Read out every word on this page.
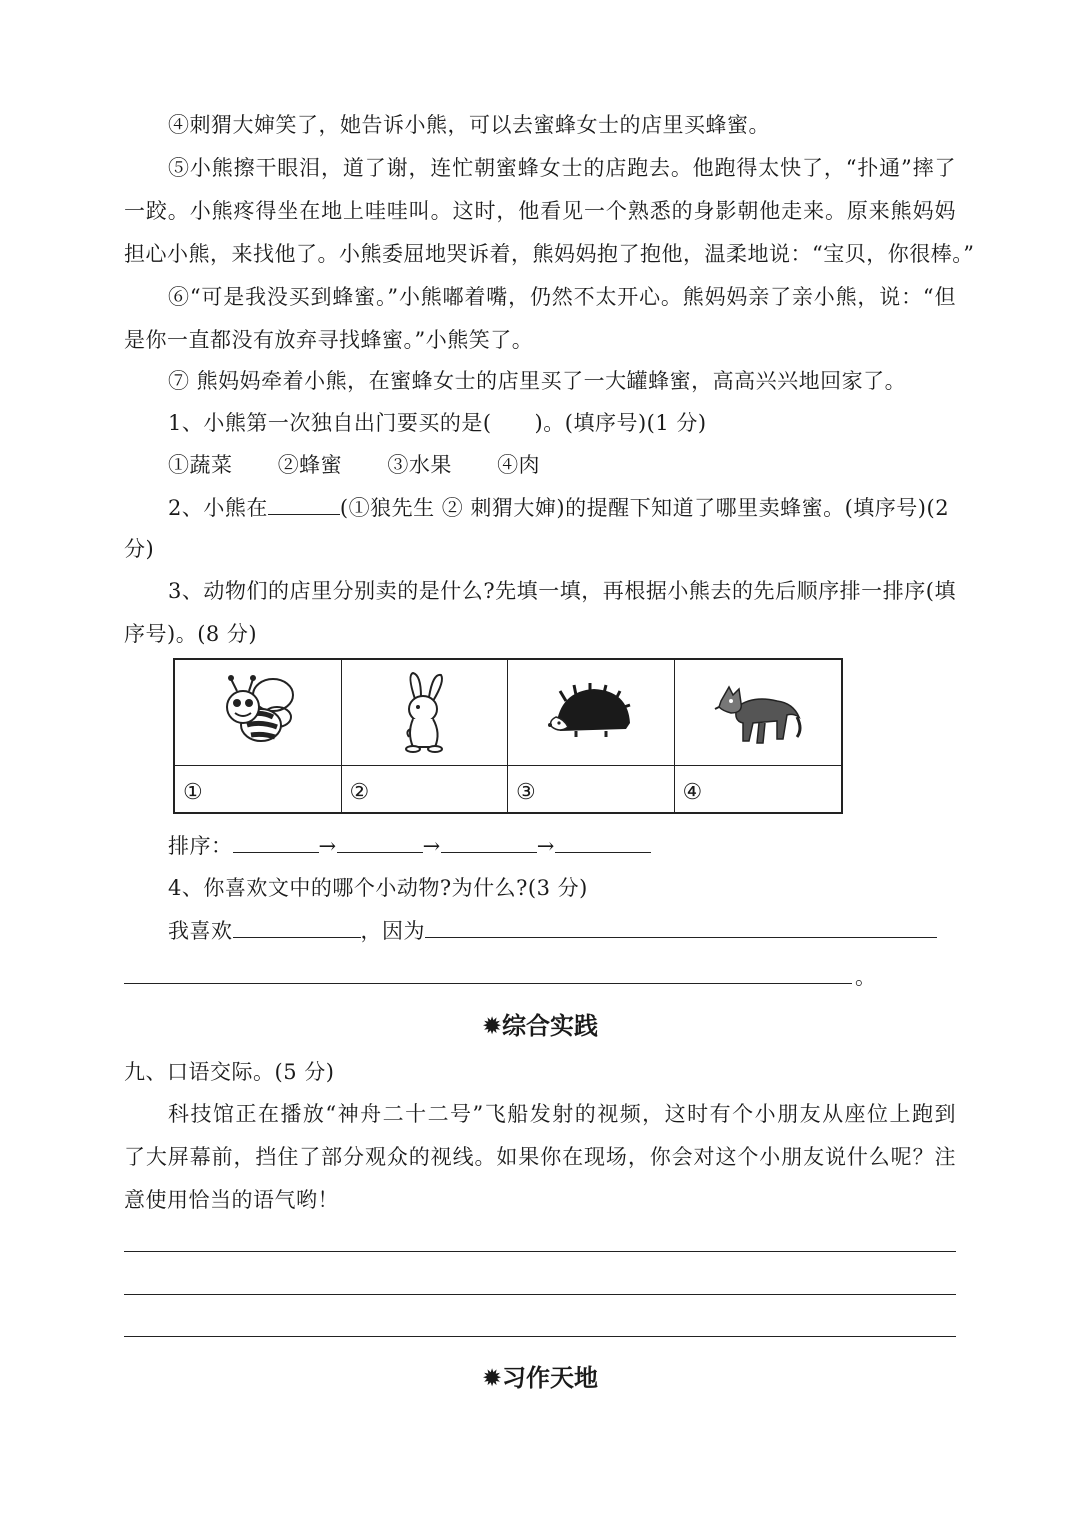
④刺猬大婶笑了，她告诉小熊，可以去蜜蜂女士的店里买蜂蜜。
⑤小熊擦干眼泪，道了谢，连忙朝蜜蜂女士的店跑去。他跑得太快了，“扑通”摔了
一跤。小熊疼得坐在地上哇哇叫。这时，他看见一个熟悉的身影朝他走来。原来熊妈妈
担心小熊，来找他了。小熊委屈地哭诉着，熊妈妈抱了抱他，温柔地说：“宝贝，你很棒。”
⑥“可是我没买到蜂蜜。”小熊嘟着嘴，仍然不太开心。熊妈妈亲了亲小熊，说：“但
是你一直都没有放弃寻找蜂蜜。”小熊笑了。
⑦ 熊妈妈牵着小熊，在蜜蜂女士的店里买了一大罐蜂蜜，高高兴兴地回家了。
1、小熊第一次独自出门要买的是(　　)。(填序号)(1 分)
①蔬菜 ②蜂蜜 ③水果 ④肉
2、小熊在	(①狼先生 ② 刺猬大婶)的提醒下知道了哪里卖蜂蜜。(填序号)(2
分)
3、动物们的店里分别卖的是什么?先填一填，再根据小熊去的先后顺序排一排序(填
序号)。(8 分)
①	②	③	④
排序：	→	→	→
4、你喜欢文中的哪个小动物?为什么?(3 分)
我喜欢	，因为
。
✹综合实践
九、口语交际。(5 分)
科技馆正在播放“神舟二十二号”飞船发射的视频，这时有个小朋友从座位上跑到
了大屏幕前，挡住了部分观众的视线。如果你在现场，你会对这个小朋友说什么呢？注
意使用恰当的语气哟！
✹习作天地
